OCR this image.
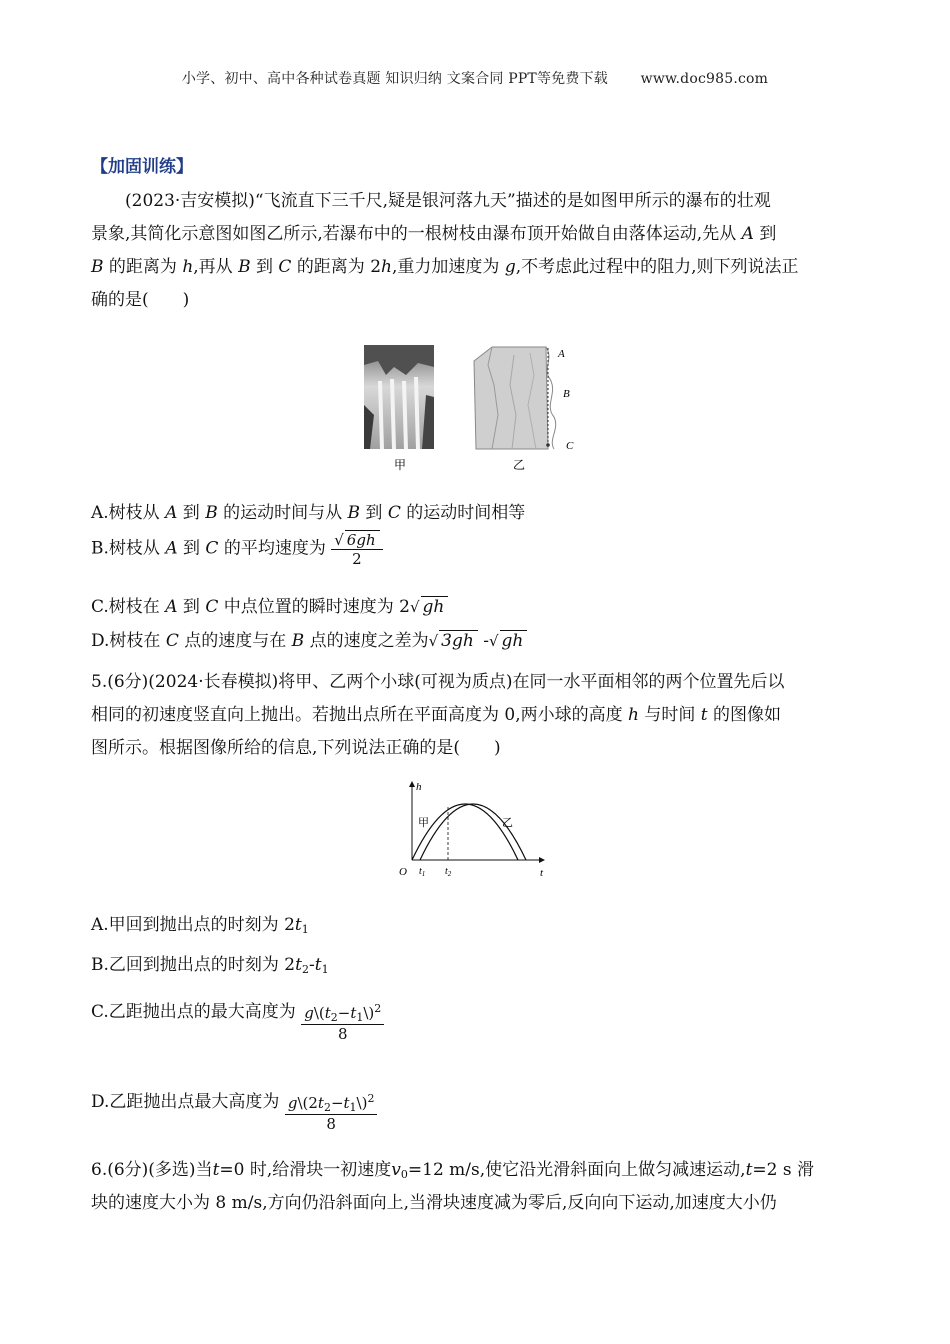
小学、初中、高中各种试卷真题 知识归纳 文案合同 PPT等免费下载 www.doc985.com
【加固训练】
(2023·吉安模拟)“飞流直下三千尺,疑是银河落九天”描述的是如图甲所示的瀑布的壮观
景象,其简化示意图如图乙所示,若瀑布中的一根树枝由瀑布顶开始做自由落体运动,先从 A 到
B 的距离为 h,再从 B 到 C 的距离为 2h,重力加速度为 g,不考虑此过程中的阻力,则下列说法正
确的是(　　)
A
B
C
甲	乙
A.树枝从 A 到 B 的运动时间与从 B 到 C 的运动时间相等
B.树枝从 A 到 C 的平均速度为 $\frac{√ 6gh}{2}$
C.树枝在 A 到 C 中点位置的瞬时速度为 2√ gh
D.树枝在 C 点的速度与在 B 点的速度之差为√ 3gh -√ gh
5.(6分)(2024·长春模拟)将甲、乙两个小球(可视为质点)在同一水平面相邻的两个位置先后以
相同的初速度竖直向上抛出。若抛出点所在平面高度为 0,两小球的高度 h 与时间 t 的图像如
图所示。根据图像所给的信息,下列说法正确的是(　　)
h
t
O
甲	乙
$t_1$ $t_2$
A.甲回到抛出点的时刻为 $2t_1$
B.乙回到抛出点的时刻为 $2t_2-t_1$
C.乙距抛出点的最大高度为 $\frac{g\backslash(t_2-t_1\backslash)^2}{8}$
D.乙距抛出点最大高度为 $\frac{g\backslash(2t_2-t_1\backslash)^2}{8}$
6.(6分)(多选)当t=0 时,给滑块一初速度$v_0=12$ m/s,使它沿光滑斜面向上做匀减速运动,t=2 s 滑
块的速度大小为 8 m/s,方向仍沿斜面向上,当滑块速度减为零后,反向向下运动,加速度大小仍
